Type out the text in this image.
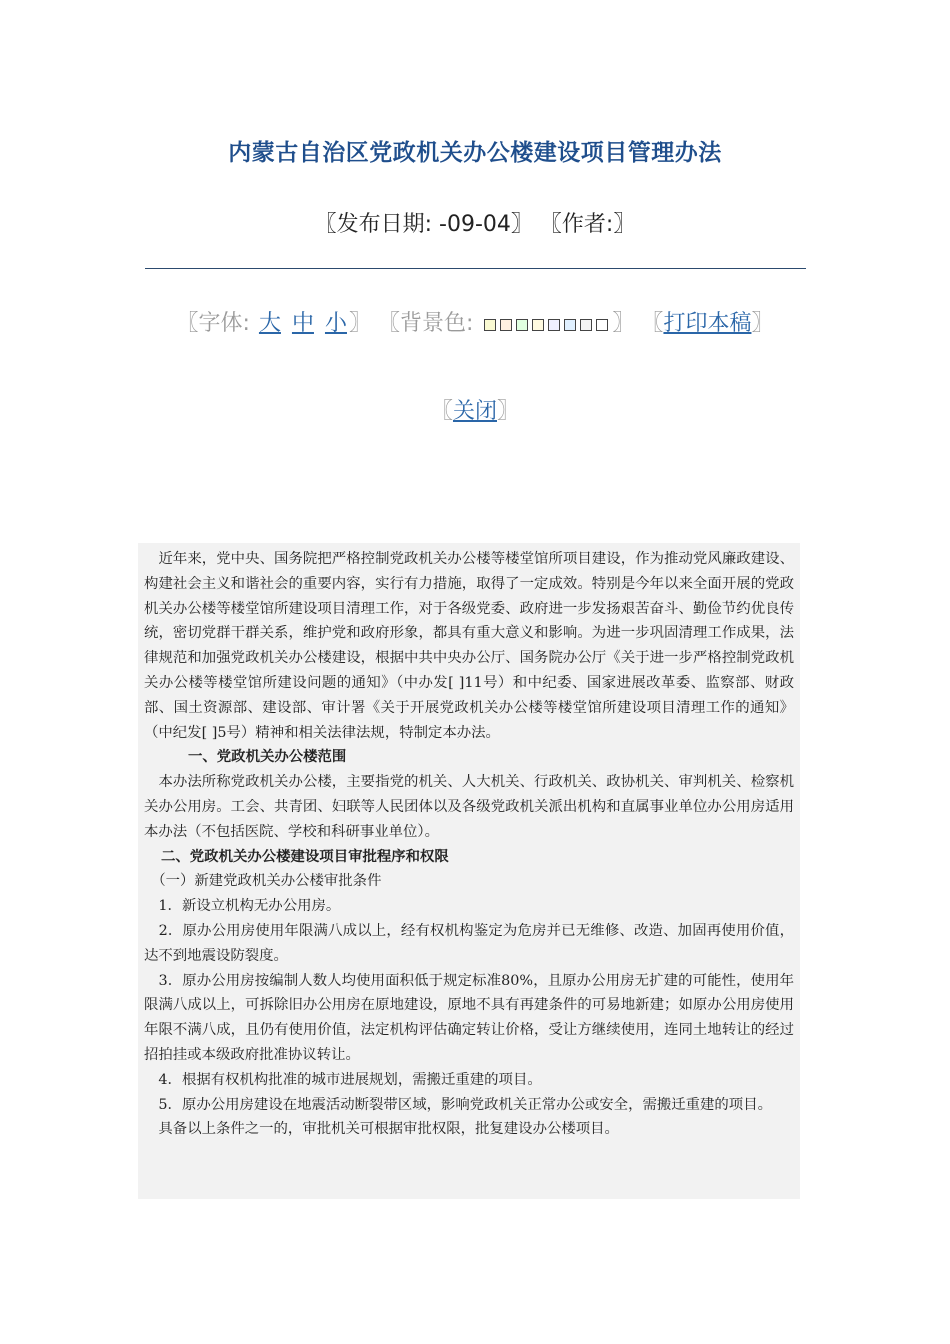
内蒙古自治区党政机关办公楼建设项目管理办法
〖发布日期: -09-04〗 〖作者:〗
〖字体: 大 中 小〗 〖背景色:	〗 〖打印本稿〗
〖关闭〗

　近年来，党中央、国务院把严格控制党政机关办公楼等楼堂馆所项目建设，作为推动党风廉政建设、构建社会主义和谐社会的重要内容，实行有力措施，取得了一定成效。特别是今年以来全面开展的党政机关办公楼等楼堂馆所建设项目清理工作，对于各级党委、政府进一步发扬艰苦奋斗、勤俭节约优良传统，密切党群干群关系，维护党和政府形象，都具有重大意义和影响。为进一步巩固清理工作成果，法律规范和加强党政机关办公楼建设，根据中共中央办公厅、国务院办公厅《关于进一步严格控制党政机关办公楼等楼堂馆所建设问题的通知》（中办发[ ]11号）和中纪委、国家进展改革委、监察部、财政部、国土资源部、建设部、审计署《关于开展党政机关办公楼等楼堂馆所建设项目清理工作的通知》（中纪发[ ]5号）精神和相关法律法规，特制定本办法。

一、党政机关办公楼范围

　本办法所称党政机关办公楼，主要指党的机关、人大机关、行政机关、政协机关、审判机关、检察机关办公用房。工会、共青团、妇联等人民团体以及各级党政机关派出机构和直属事业单位办公用房适用本办法（不包括医院、学校和科研事业单位）。

二、党政机关办公楼建设项目审批程序和权限

　（一）新建党政机关办公楼审批条件

　1．新设立机构无办公用房。

　2．原办公用房使用年限满八成以上，经有权机构鉴定为危房并已无维修、改造、加固再使用价值，达不到地震设防裂度。

　3．原办公用房按编制人数人均使用面积低于规定标准80%，且原办公用房无扩建的可能性，使用年限满八成以上，可拆除旧办公用房在原地建设，原地不具有再建条件的可易地新建；如原办公用房使用年限不满八成，且仍有使用价值，法定机构评估确定转让价格，受让方继续使用，连同土地转让的经过招拍挂或本级政府批准协议转让。

　4．根据有权机构批准的城市进展规划，需搬迁重建的项目。

　5．原办公用房建设在地震活动断裂带区域，影响党政机关正常办公或安全，需搬迁重建的项目。

　具备以上条件之一的，审批机关可根据审批权限，批复建设办公楼项目。
